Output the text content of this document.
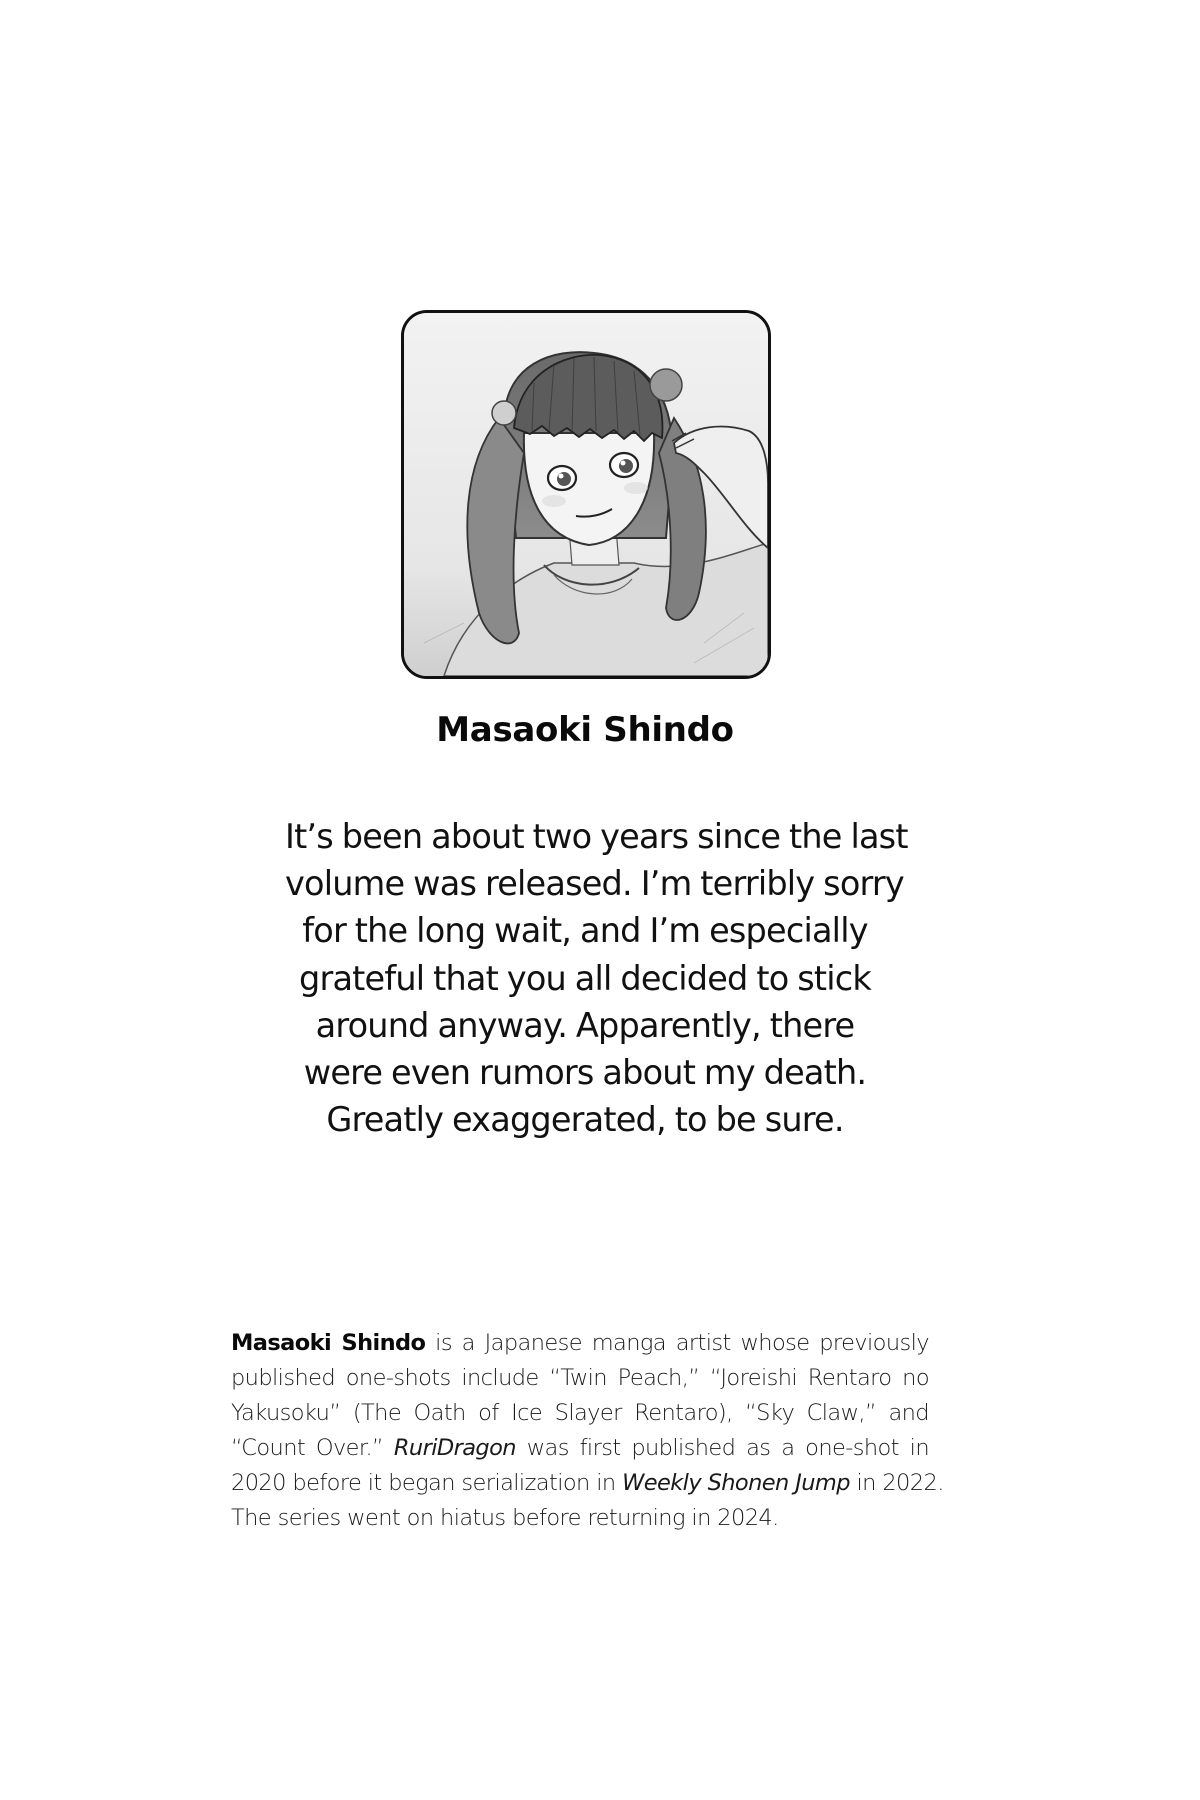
Masaoki Shindo

It’s been about two years since the last
volume was released. I’m terribly sorry
for the long wait, and I’m especially
grateful that you all decided to stick
around anyway. Apparently, there
were even rumors about my death.
Greatly exaggerated, to be sure.

Masaoki Shindo is a Japanese manga artist whose previously
published one-shots include “Twin Peach,” “Joreishi Rentaro no
Yakusoku” (The Oath of Ice Slayer Rentaro), “Sky Claw,” and
“Count Over.” RuriDragon was first published as a one-shot in
2020 before it began serialization in Weekly Shonen Jump in 2022.
The series went on hiatus before returning in 2024.
